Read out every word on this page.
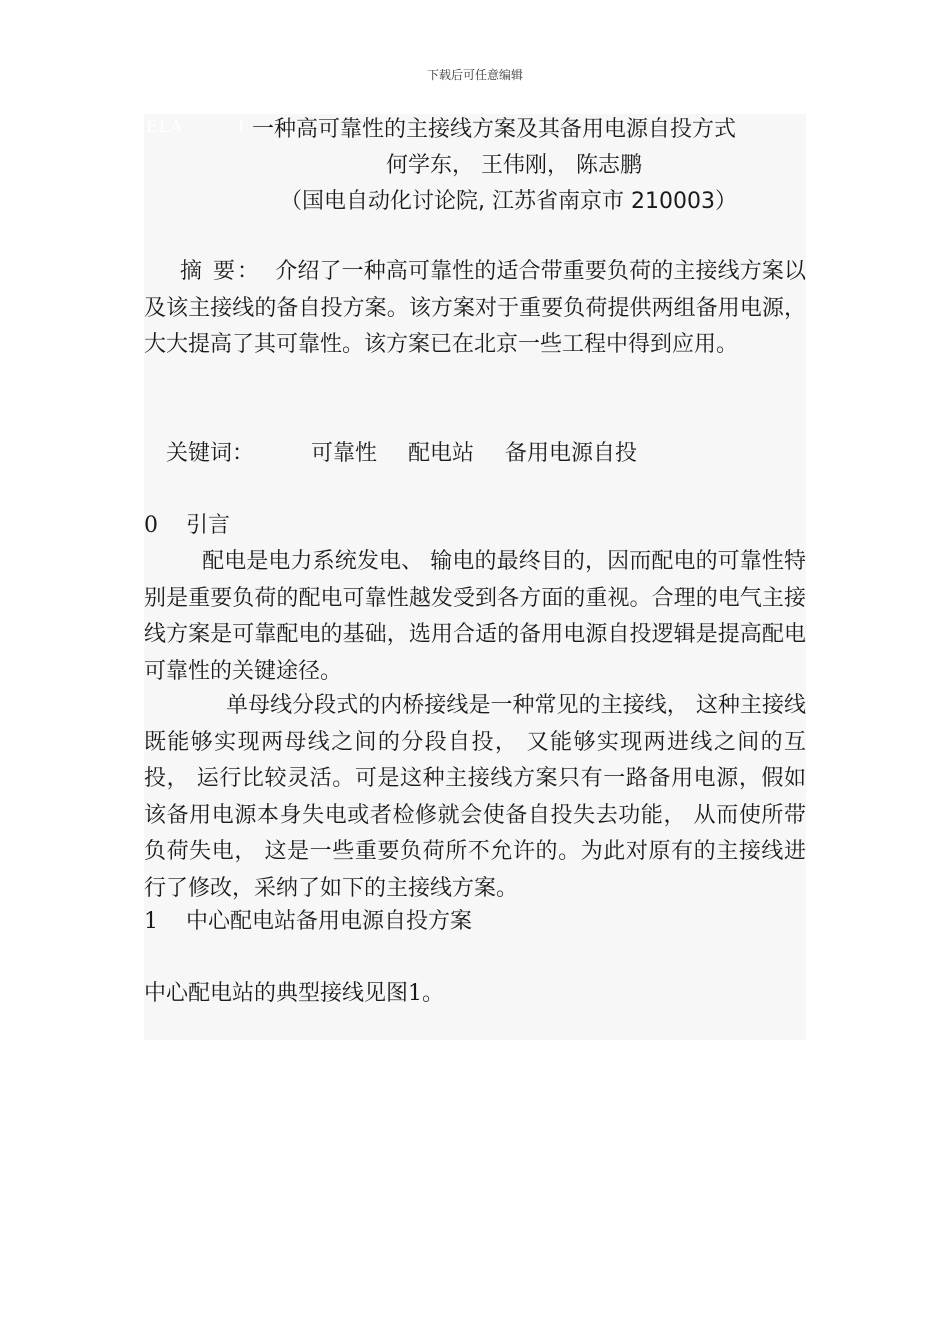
下载后可任意编辑
ELA	I 一种高可靠性的主接线方案及其备用电源自投方式
何学东， 王伟刚， 陈志鹏
（国电自动化讨论院, 江苏省南京市 210003）
摘 要： 介绍了一种高可靠性的适合带重要负荷的主接线方案以及该主接线的备自投方案。该方案对于重要负荷提供两组备用电源，大大提高了其可靠性。该方案已在北京一些工程中得到应用。
关键词：	可靠性 配电站 备用电源自投
0 引言
配电是电力系统发电、 输电的最终目的，因而配电的可靠性特别是重要负荷的配电可靠性越发受到各方面的重视。合理的电气主接线方案是可靠配电的基础，选用合适的备用电源自投逻辑是提高配电可靠性的关键途径。
单母线分段式的内桥接线是一种常见的主接线， 这种主接线既能够实现两母线之间的分段自投， 又能够实现两进线之间的互投， 运行比较灵活。可是这种主接线方案只有一路备用电源，假如该备用电源本身失电或者检修就会使备自投失去功能， 从而使所带负荷失电， 这是一些重要负荷所不允许的。为此对原有的主接线进行了修改，采纳了如下的主接线方案。
1 中心配电站备用电源自投方案
中心配电站的典型接线见图1。
